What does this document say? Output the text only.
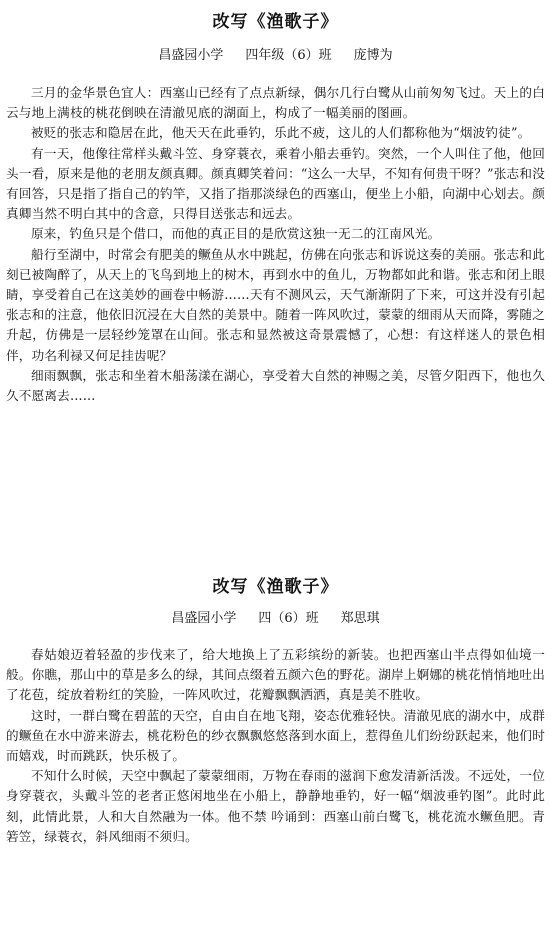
改写《渔歌子》
昌盛园小学 四年级（6）班 庞博为

三月的金华景色宜人：西塞山已经有了点点新绿，偶尔几行白鹭从山前匆匆飞过。天上的白云与地上满枝的桃花倒映在清澈见底的湖面上，构成了一幅美丽的图画。

被贬的张志和隐居在此，他天天在此垂钓，乐此不疲，这儿的人们都称他为“烟波钓徒”。

有一天，他像往常样头戴斗笠、身穿蓑衣，乘着小船去垂钓。突然，一个人叫住了他，他回头一看，原来是他的老朋友颜真卿。颜真卿笑着问：“这么一大早，不知有何贵干呀？”张志和没有回答，只是指了指自己的钓竿，又指了指那淡绿色的西塞山，便坐上小船，向湖中心划去。颜真卿当然不明白其中的含意，只得目送张志和远去。

原来，钓鱼只是个借口，而他的真正目的是欣赏这独一无二的江南风光。

船行至湖中，时常会有肥美的鳜鱼从水中跳起，仿佛在向张志和诉说这奏的美丽。张志和此刻已被陶醉了，从天上的飞鸟到地上的树木，再到水中的鱼儿，万物都如此和谐。张志和闭上眼睛，享受着自己在这美妙的画卷中畅游……天有不测风云，天气渐渐阴了下来，可这并没有引起张志和的注意，他依旧沉浸在大自然的美景中。随着一阵风吹过，蒙蒙的细雨从天而降，雾随之升起，仿佛是一层轻纱笼罩在山间。张志和显然被这奇景震憾了，心想：有这样迷人的景色相伴，功名利禄又何足挂齿呢？

细雨飘飘，张志和坐着木船荡漾在湖心，享受着大自然的神赐之美，尽管夕阳西下，他也久久不愿离去……

改写《渔歌子》
昌盛园小学 四（6）班 郑思琪

春姑娘迈着轻盈的步伐来了，给大地换上了五彩缤纷的新装。也把西塞山半点得如仙境一般。你瞧，那山中的草是多么的绿，其间点缀着五颜六色的野花。湖岸上婀娜的桃花悄悄地吐出了花苞，绽放着粉红的笑脸，一阵风吹过，花瓣飘飘洒洒，真是美不胜收。

这时，一群白鹭在碧蓝的天空，自由自在地飞翔，姿态优雅轻快。清澈见底的湖水中，成群的鳜鱼在水中游来游去，桃花粉色的纱衣飘飘悠悠落到水面上，惹得鱼儿们纷纷跃起来，他们时而嬉戏，时而跳跃，快乐极了。

不知什么时候，天空中飘起了蒙蒙细雨，万物在春雨的滋润下愈发清新活泼。不远处，一位身穿蓑衣，头戴斗笠的老者正悠闲地坐在小船上，静静地垂钓，好一幅“烟波垂钓图”。此时此刻，此情此景，人和大自然融为一体。他不禁 吟诵到：西塞山前白鹭飞，桃花流水鳜鱼肥。青箬笠，绿蓑衣，斜风细雨不须归。
